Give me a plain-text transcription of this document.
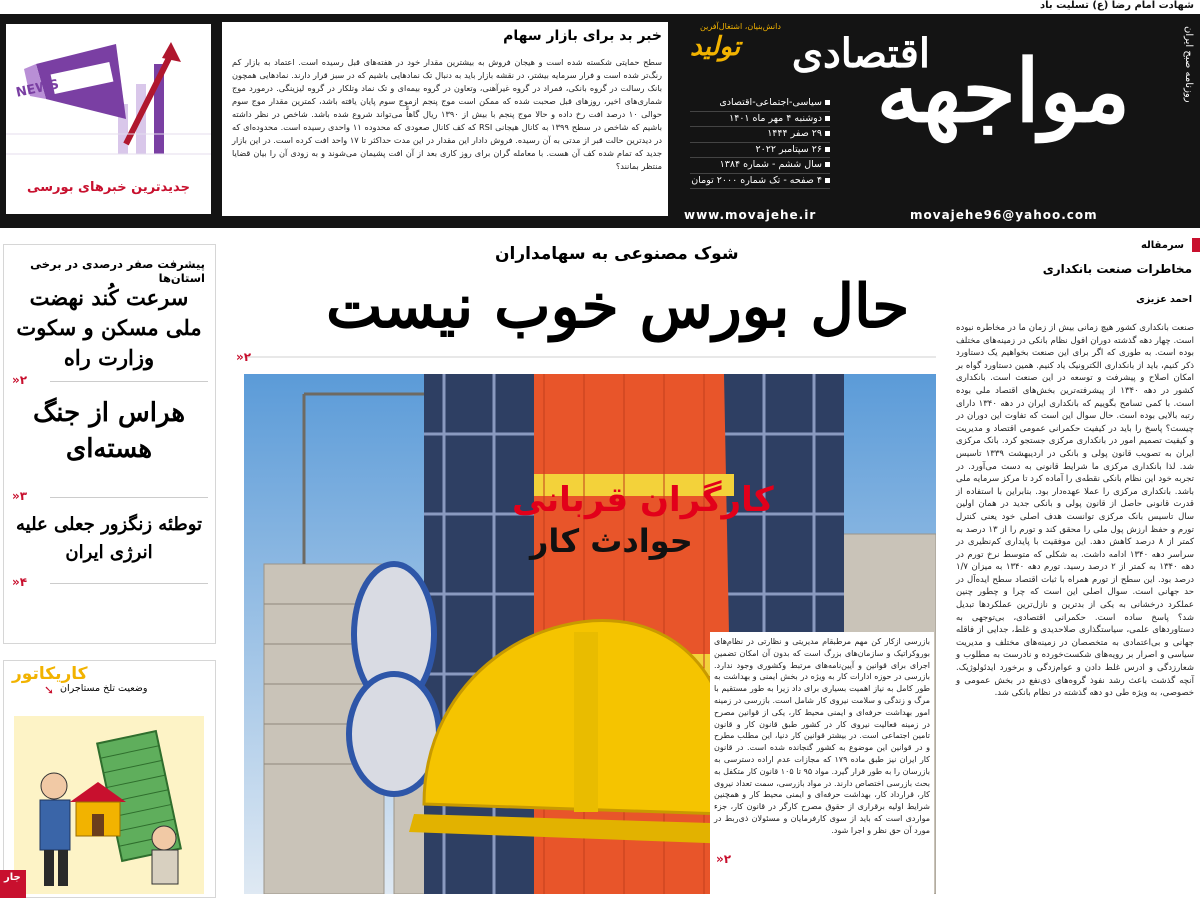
شهادت امام رضا (ع) تسلیت باد
NEWS
جدیدترین خبرهای بورسی
خبر بد برای بازار سهام
سطح حمایتی شکسته شده است و هیجان فروش به بیشترین مقدار خود در هفته‌های قبل رسیده است. اعتماد به بازار کم رنگ‌تر شده است و فرار سرمایه بیشتر، در نقشه بازار باید به دنبال تک نمادهایی باشیم که در سبز قرار دارند. نمادهایی همچون بانک رسالت در گروه بانکی، فمراد در گروه غیرآهنی، وتعاون در گروه بیمه‌ای و تک نماد وتلکار در گروه لیزینگی. درمورد موج شماری‌های اخیر، روزهای قبل صحبت شده که ممکن است موج پنجم ازموج سوم پایان یافته باشد، کمترین مقدار موج سوم حوالی ۱۰ درصد افت رخ داده و حالا موج پنجم با بیش از ۱۳۹۰ ریال گاهاًّ می‌تواند شروع شده باشد. شاخص در نظر داشته باشیم که شاخص در سطح ۱۳۹۹ به کانال هیجانی ‎RSI‏ که کف کانال صعودی که محدوده ۱۱ واحدی رسیده است. محدوده‌ای که در دیدترین حالت قبر از مدتی به آن رسیده. فروش دادار این مقدار در این مدت حداکثر تا ۱۷ واحد افت کرده است. در این بازار جدید که تمام شده کف آن هست. با معامله گران برای روز کاری بعد از آن افت پشیمان می‌شوند و به زودی آن را بیان قضایا منتظر بمانند؟
دانش‌بنیان، اشتغال‌آفرین
تولید
سیاسی-اجتماعی-اقتصادی
دوشنبه ۴ مهر ماه ۱۴۰۱
۲۹ صفر ۱۴۴۴
۲۶ سپتامبر ۲۰۲۲
سال ششم - شماره ۱۳۸۴
۴ صفحه - تک شماره ۲۰۰۰ تومان
اقتصادی
مواجهه	روزنامه صبح ایران
www.movajehe.ir	movajehe96@yahoo.com
سرمقاله
مخاطرات صنعت بانکداری
احمد عزیزی
صنعت بانکداری کشور هیچ زمانی بیش از زمان ما در مخاطره نبوده است. چهار دهه گذشته دوران افول نظام بانکی در زمینه‌های مختلف بوده است. به طوری که اگر برای این صنعت بخواهیم یک دستاورد ذکر کنیم، باید از بانکداری الکترونیک یاد کنیم. همین دستاورد گواه بر امکان اصلاح و پیشرفت و توسعه در این صنعت است. بانکداری کشور در دهه ۱۳۴۰ از پیشرفته‌ترین بخش‌های اقتصاد ملی بوده است. با کمی تسامح بگوییم که بانکداری ایران در دهه ۱۳۴۰ دارای رتبه بالایی بوده است. حال سوال این است که تفاوت این دوران در چیست؟ پاسخ را باید در کیفیت حکمرانی عمومی اقتصاد و مدیریت و کیفیت تصمیم امور در بانکداری مرکزی جستجو کرد. بانک مرکزی ایران به تصویب قانون پولی و بانکی در اردیبهشت ۱۳۳۹ تاسیس شد. لذا بانکداری مرکزی ما شرایط قانونی به دست می‌آورد. در تجربه خود این نظام بانکی نقطه‌ی را آماده کرد تا مرکز سرمایه ملی باشد. بانکداری مرکزی را عملا عهده‌دار بود. بنابراین با استفاده از قدرت قانونی حاصل از قانون پولی و بانکی جدید در همان اولین سال تاسیس بانک مرکزی توانست هدف اصلی خود یعنی کنترل تورم و حفظ ارزش پول ملی را محقق کند و تورم را از ۱۳ درصد به کمتر از ۸ درصد کاهش دهد. این موفقیت با پایداری کم‌نظیری در سراسر دهه ۱۳۴۰ ادامه داشت. به شکلی که متوسط نرخ تورم در دهه ۱۳۴۰ به کمتر از ۲ درصد رسید. تورم دهه ۱۳۴۰ به میزان ۱/۷ درصد بود. این سطح از تورم همراه با ثبات اقتصاد سطح ایده‌آل در حد جهانی است. سوال اصلی این است که چرا و چطور چنین عملکرد درخشانی به یکی از بدترین و نازل‌ترین عملکردها تبدیل شد؟ پاسخ ساده است. حکمرانی اقتصادی، بی‌توجهی به دستاوردهای علمی، سیاستگذاری صلاحدیدی و غلط، جدایی از فاقله جهانی و بی‌اعتمادی به متخصصان در زمینه‌های مختلف و مدیریت سیاسی و اصرار بر رویه‌های شکست‌خورده و نادرست به مطلوب و شعارزدگی و ادرس غلط دادن و عوام‌زدگی و برخورد ایدئولوژیک. آنچه گذشت باعث رشد نفوذ گروه‌های ذی‌نفع در بخش عمومی و خصوصی، به ویژه طی دو دهه گذشته در نظام بانکی شد.
شوک مصنوعی به سهامداران
حال بورس خوب نیست
۲«
کارگران قربانی
حوادث کار
بازرسی ازکار کن مهم مرطبقام مدیریتی و نظارتی در نظام‌های بوروکراتیک و سازمان‌های بزرگ است که بدون آن امکان تضمین اجرای برای قوانین و آیین‌نامه‌های مرتبط وکشوری وجود ندارد. بازرسی در حوزه ادارات کار به ویژه در بخش ایمنی و بهداشت به طور کامل به نیاز اهمیت بسیاری برای داد زیرا به طور مستقیم با مرگ و زندگی و سلامت نیروی کار شامل است. بازرسی در زمینه امور بهداشت حرفه‌ای و ایمنی محیط کار، یکی از قوانین مصرح در زمینه فعالیت نیروی کار در کشور طبق قانون کار و قانون تامین اجتماعی است. در بیشتر قوانین کار دنیا، این مطلب مطرح و در قوانین این موضوع به کشور گنجانده شده است. در قانون کار ایران نیز طبق ماده ۱۷۹ که مجازات عدم اراده دسترسی به بازرسان را به طور قرار گیرد. مواد ۹۵ تا ۱۰۵ قانون کار متکفل به بحث بازرسی اختصاص دارند. در مواد بازرسی، سمت تعداد نیروی کار، قرارداد کار، بهداشت حرفه‌ای و ایمنی محیط کار و همچنین شرایط اولیه برقراری از حقوق مصرح کارگر در قانون کار، جزء مواردی است که باید از سوی کارفرمایان و مسئولان ذی‌ربط در مورد آن حق نظر و اجرا شود.
۲«
پیشرفت صفر درصدی در برخی استان‌ها
سرعت کُند نهضت ملی مسکن و سکوت وزارت راه
۲«
هراس از جنگ هسته‌ای
۳«
توطئه زنگزور جعلی علیه انرژی ایران
۴«
کاریکاتور
➘ وضعیت تلخ مستاجران
جار
